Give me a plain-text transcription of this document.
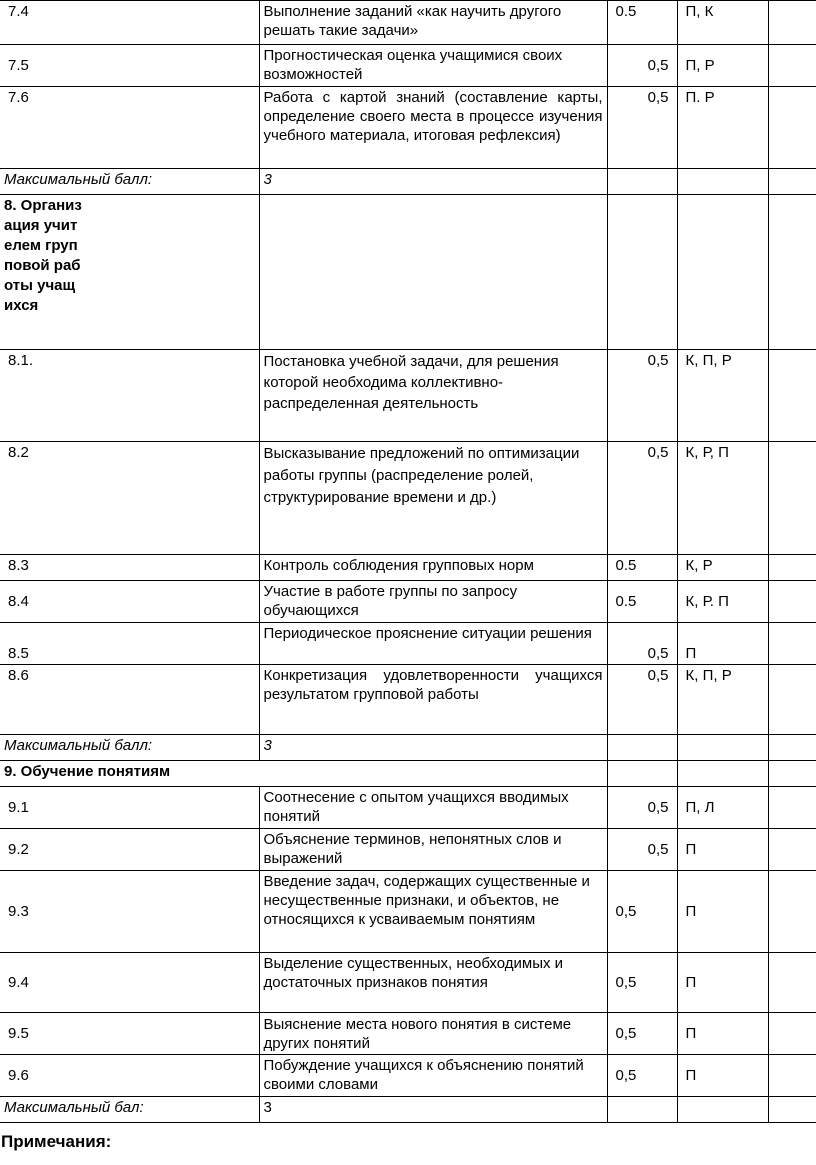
7.4	Выполнение заданий «как научить другого решать такие задачи»	0.5	П, К	
7.5	Прогностическая оценка учащимися своих возможностей	0,5	П, Р	
7.6	Работа с картой знаний (составление карты, определение своего места в процессе изучения учебного материала, итоговая рефлексия)	0,5	П. Р	
Максимальный балл:	3			
8. Организация учителем групповой работы учащихся				
8.1.	Постановка учебной задачи, для решения которой необходима коллективно-распределенная деятельность	0,5	К, П, Р	
8.2	Высказывание предложений по оптимизации работы группы (распределение ролей, структурирование времени и др.)	0,5	К, Р, П	
8.3	Контроль соблюдения групповых норм	0.5	К, Р	
8.4	Участие в работе группы по запросу обучающихся	0.5	К, Р. П	
8.5	Периодическое прояснение ситуации решения	0,5	П	
8.6	Конкретизация удовлетворенности учащихся результатом групповой работы	0,5	К, П, Р	
Максимальный балл:	3			
9. Обучение понятиям				
9.1	Соотнесение с опытом учащихся вводимых понятий	0,5	П, Л	
9.2	Объяснение терминов, непонятных слов и выражений	0,5	П	
9.3	Введение задач, содержащих существенные и несущественные признаки, и объектов, не относящихся к усваиваемым понятиям	0,5	П	
9.4	Выделение существенных, необходимых и достаточных признаков понятия	0,5	П	
9.5	Выяснение места нового понятия в системе других понятий	0,5	П	
9.6	Побуждение учащихся к объяснению понятий своими словами	0,5	П	
Максимальный бал:	3			
Примечания:
